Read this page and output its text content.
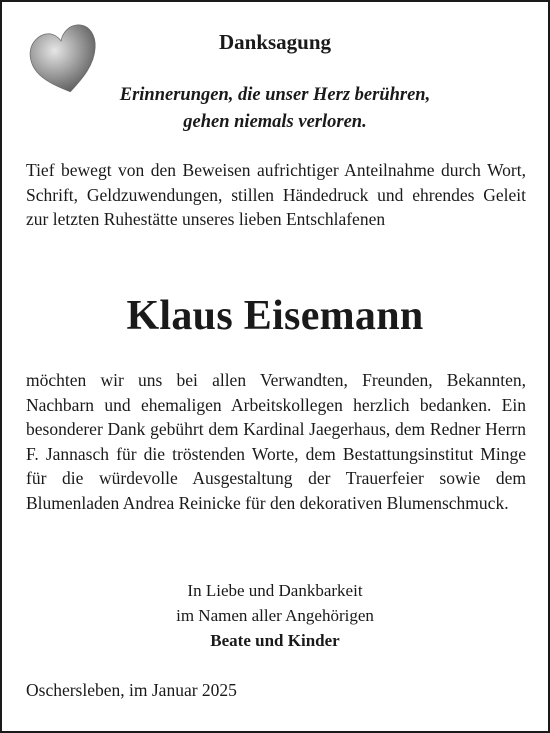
Danksagung
Erinnerungen, die unser Herz berühren,
gehen niemals verloren.
Tief bewegt von den Beweisen aufrichtiger Anteilnahme durch Wort, Schrift, Geldzuwendungen, stillen Händedruck und ehrendes Geleit zur letzten Ruhestätte unseres lieben Entschlafenen
Klaus Eisemann
möchten wir uns bei allen Verwandten, Freunden, Bekannten, Nachbarn und ehemaligen Arbeitskollegen herzlich bedanken. Ein besonderer Dank gebührt dem Kardinal Jaegerhaus, dem Redner Herrn F. Jannasch für die tröstenden Worte, dem Bestattungsinstitut Minge für die würdevolle Ausgestaltung der Trauerfeier sowie dem Blumenladen Andrea Reinicke für den dekorativen Blumenschmuck.
In Liebe und Dankbarkeit
im Namen aller Angehörigen
Beate und Kinder
Oschersleben, im Januar 2025
